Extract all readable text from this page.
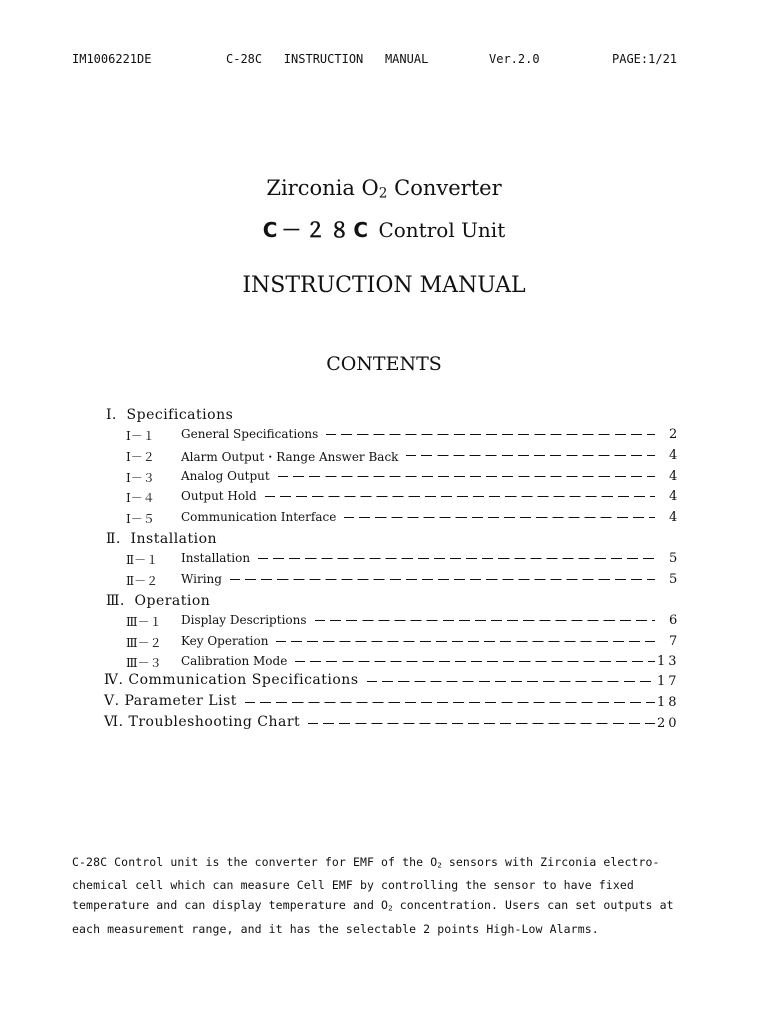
IM1006221DE	C-28C   INSTRUCTION   MANUAL	Ver.2.0	PAGE:1/21
Zirconia $O_2$ Converter
C－２８C Control Unit
INSTRUCTION MANUAL
CONTENTS
Ⅰ．Specifications
Ⅰ－１ General Specifications	2
Ⅰ－２ Alarm Output・Range Answer Back	4
Ⅰ－３ Analog Output	4
Ⅰ－４ Output Hold	4
Ⅰ－５ Communication Interface	4
Ⅱ．Installation
Ⅱ－１ Installation	5
Ⅱ－２ Wiring	5
Ⅲ．Operation
Ⅲ－１ Display Descriptions	6
Ⅲ－２ Key Operation	7
Ⅲ－３ Calibration Mode	13
Ⅳ. Communication Specifications	17
Ⅴ. Parameter List	18
Ⅵ. Troubleshooting Chart	20
C-28C Control unit is the converter for EMF of the $O_2$ sensors with Zirconia electro-chemical cell which can measure Cell EMF by controlling the sensor to have fixed temperature and can display temperature and $O_2$ concentration. Users can set outputs at each measurement range, and it has the selectable 2 points High-Low Alarms.
